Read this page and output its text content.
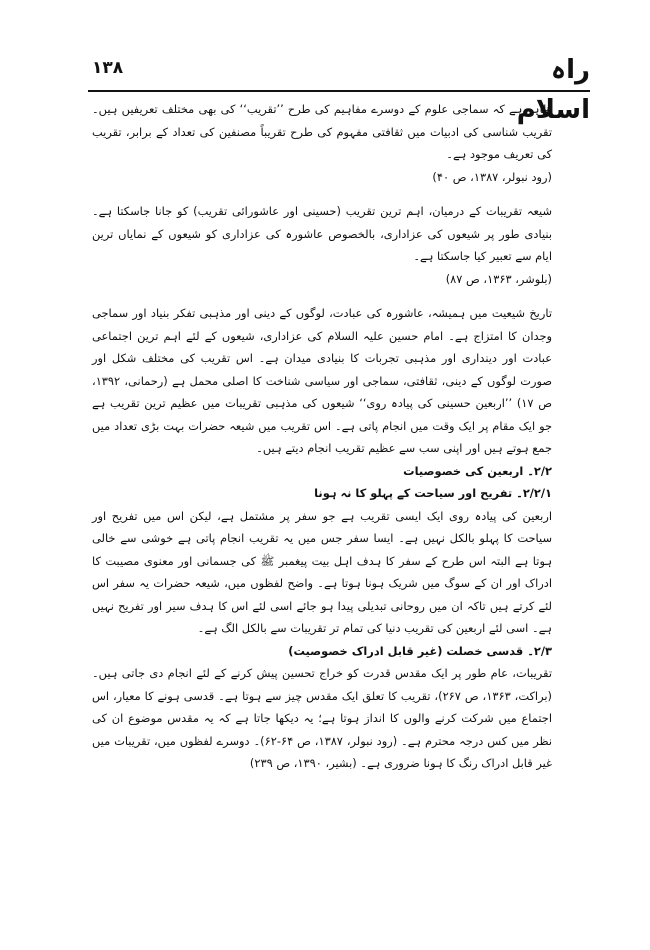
راہ اسلام
۱۳۸

ظاہر ہے کہ سماجی علوم کے دوسرے مفاہیم کی طرح ’’تقریب‘‘ کی بھی مختلف تعریفیں ہیں۔ تقریب شناسی کی ادبیات میں ثقافتی مفہوم کی طرح تقریباً مصنفین کی تعداد کے برابر، تقریب کی تعریف موجود ہے۔

(رود نبولر، ۱۳۸۷، ص ۴۰)

شیعہ تقریبات کے درمیان، اہم ترین تقریب (حسینی اور عاشورائی تقریب) کو جانا جاسکتا ہے۔ بنیادی طور پر شیعوں کی عزاداری، بالخصوص عاشورہ کی عزاداری کو شیعوں کے نمایاں ترین ایام سے تعبیر کیا جاسکتا ہے۔

(بلوشر، ۱۳۶۳، ص ۸۷)

تاریخ شیعیت میں ہمیشہ، عاشورہ کی عبادت، لوگوں کے دینی اور مذہبی تفکر بنیاد اور سماجی وجدان کا امتزاج ہے۔ امام حسین علیہ السلام کی عزاداری، شیعوں کے لئے اہم ترین اجتماعی عبادت اور دینداری اور مذہبی تجربات کا بنیادی میدان ہے۔ اس تقریب کی مختلف شکل اور صورت لوگوں کے دینی، ثقافتی، سماجی اور سیاسی شناخت کا اصلی محمل ہے (رحمانی، ۱۳۹۲، ص ۱۷) ’’اربعین حسینی کی پیادہ روی‘‘ شیعوں کی مذہبی تقریبات میں عظیم ترین تقریب ہے جو ایک مقام پر ایک وقت میں انجام پاتی ہے۔ اس تقریب میں شیعہ حضرات بہت بڑی تعداد میں جمع ہوتے ہیں اور اپنی سب سے عظیم تقریب انجام دیتے ہیں۔

۲/۲۔ اربعین کی خصوصیات

۲/۲/۱۔ تفریح اور سیاحت کے پہلو کا نہ ہونا

اربعین کی پیادہ روی ایک ایسی تقریب ہے جو سفر پر مشتمل ہے، لیکن اس میں تفریح اور سیاحت کا پہلو بالکل نہیں ہے۔ ایسا سفر جس میں یہ تقریب انجام پاتی ہے خوشی سے خالی ہوتا ہے البتہ اس طرح کے سفر کا ہدف اہل بیت پیغمبر ﷺ کی جسمانی اور معنوی مصیبت کا ادراک اور ان کے سوگ میں شریک ہونا ہوتا ہے۔ واضح لفظوں میں، شیعہ حضرات یہ سفر اس لئے کرتے ہیں تاکہ ان میں روحانی تبدیلی پیدا ہو جائے اسی لئے اس کا ہدف سیر اور تفریح نہیں ہے۔ اسی لئے اربعین کی تقریب دنیا کی تمام تر تقریبات سے بالکل الگ ہے۔

۲/۳۔ قدسی خصلت (غیر قابل ادراک خصوصیت)

تقریبات، عام طور پر ایک مقدس قدرت کو خراج تحسین پیش کرنے کے لئے انجام دی جاتی ہیں۔ (براکت، ۱۳۶۳، ص ۲۶۷)، تقریب کا تعلق ایک مقدس چیز سے ہوتا ہے۔ قدسی ہونے کا معیار، اس اجتماع میں شرکت کرنے والوں کا انداز ہوتا ہے؛ یہ دیکھا جاتا ہے کہ یہ مقدس موضوع ان کی نظر میں کس درجہ محترم ہے۔ (رود نبولر، ۱۳۸۷، ص ۶۴-۶۲)۔ دوسرے لفظوں میں، تقریبات میں غیر قابل ادراک رنگ کا ہونا ضروری ہے۔ (بشیر، ۱۳۹۰، ص ۲۳۹)
